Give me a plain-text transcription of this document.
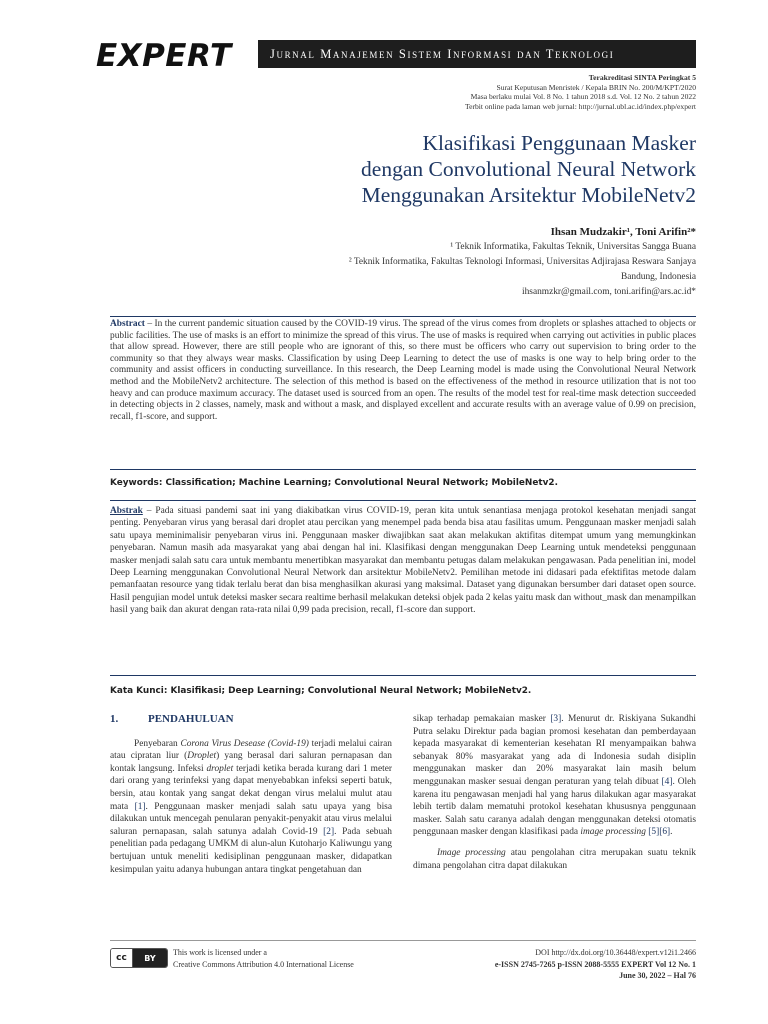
EXPERT	Jurnal Manajemen Sistem Informasi dan Teknologi
Terakreditasi SINTA Peringkat 5
Surat Keputusan Menristek / Kepala BRIN No. 200/M/KPT/2020
Masa berlaku mulai Vol. 8 No. 1 tahun 2018 s.d. Vol. 12 No. 2 tahun 2022
Terbit online pada laman web jurnal: http://jurnal.ubl.ac.id/index.php/expert
Klasifikasi Penggunaan Masker
dengan Convolutional Neural Network
Menggunakan Arsitektur MobileNetv2
Ihsan Mudzakir¹, Toni Arifin²*
¹ Teknik Informatika, Fakultas Teknik, Universitas Sangga Buana
² Teknik Informatika, Fakultas Teknologi Informasi, Universitas Adjirajasa Reswara Sanjaya
Bandung, Indonesia
ihsanmzkr@gmail.com, toni.arifin@ars.ac.id*
Abstract – In the current pandemic situation caused by the COVID-19 virus. The spread of the virus comes from droplets or splashes attached to objects or public facilities. The use of masks is an effort to minimize the spread of this virus. The use of masks is required when carrying out activities in public places that allow spread. However, there are still people who are ignorant of this, so there must be officers who carry out supervision to bring order to the community so that they always wear masks. Classification by using Deep Learning to detect the use of masks is one way to help bring order to the community and assist officers in conducting surveillance. In this research, the Deep Learning model is made using the Convolutional Neural Network method and the MobileNetv2 architecture. The selection of this method is based on the effectiveness of the method in resource utilization that is not too heavy and can produce maximum accuracy. The dataset used is sourced from an open. The results of the model test for real-time mask detection succeeded in detecting objects in 2 classes, namely, mask and without a mask, and displayed excellent and accurate results with an average value of 0.99 on precision, recall, f1-score, and support.
Keywords: Classification; Machine Learning; Convolutional Neural Network; MobileNetv2.
Abstrak – Pada situasi pandemi saat ini yang diakibatkan virus COVID-19, peran kita untuk senantiasa menjaga protokol kesehatan menjadi sangat penting. Penyebaran virus yang berasal dari droplet atau percikan yang menempel pada benda bisa atau fasilitas umum. Penggunaan masker menjadi salah satu upaya meminimalisir penyebaran virus ini. Penggunaan masker diwajibkan saat akan melakukan aktifitas ditempat umum yang memungkinkan penyebaran. Namun masih ada masyarakat yang abai dengan hal ini. Klasifikasi dengan menggunakan Deep Learning untuk mendeteksi penggunaan masker menjadi salah satu cara untuk membantu menertibkan masyarakat dan membantu petugas dalam melakukan pengawasan. Pada penelitian ini, model Deep Learning menggunakan Convolutional Neural Network dan arsitektur MobileNetv2. Pemilihan metode ini didasari pada efektifitas metode dalam pemanfaatan resource yang tidak terlalu berat dan bisa menghasilkan akurasi yang maksimal. Dataset yang digunakan bersumber dari dataset open source. Hasil pengujian model untuk deteksi masker secara realtime berhasil melakukan deteksi objek pada 2 kelas yaitu mask dan without_mask dan menampilkan hasil yang baik dan akurat dengan rata-rata nilai 0,99 pada precision, recall, f1-score dan support.
Kata Kunci: Klasifikasi; Deep Learning; Convolutional Neural Network; MobileNetv2.
1.	PENDAHULUAN

Penyebaran Corona Virus Desease (Covid-19) terjadi melalui cairan atau cipratan liur (Droplet) yang berasal dari saluran pernapasan dan kontak langsung. Infeksi droplet terjadi ketika berada kurang dari 1 meter dari orang yang terinfeksi yang dapat menyebabkan infeksi seperti batuk, bersin, atau kontak yang sangat dekat dengan virus melalui mulut atau mata [1]. Penggunaan masker menjadi salah satu upaya yang bisa dilakukan untuk mencegah penularan penyakit-penyakit atau virus melalui saluran pernapasan, salah satunya adalah Covid-19 [2]. Pada sebuah penelitian pada pedagang UMKM di alun-alun Kutoharjo Kaliwungu yang bertujuan untuk meneliti kedisiplinan penggunaan masker, didapatkan kesimpulan yaitu adanya hubungan antara tingkat pengetahuan dan

sikap terhadap pemakaian masker [3]. Menurut dr. Riskiyana Sukandhi Putra selaku Direktur pada bagian promosi kesehatan dan pemberdayaan kepada masyarakat di kementerian kesehatan RI menyampaikan bahwa sebanyak 80% masyarakat yang ada di Indonesia sudah disiplin menggunakan masker dan 20% masyarakat lain masih belum menggunakan masker sesuai dengan peraturan yang telah dibuat [4]. Oleh karena itu pengawasan menjadi hal yang harus dilakukan agar masyarakat lebih tertib dalam mematuhi protokol kesehatan khususnya penggunaan masker. Salah satu caranya adalah dengan menggunakan deteksi otomatis penggunaan masker dengan klasifikasi pada image processing [5][6].

Image processing atau pengolahan citra merupakan suatu teknik dimana pengolahan citra dapat dilakukan

cc	BY
This work is licensed under a
Creative Commons Attribution 4.0 International License
DOI http://dx.doi.org/10.36448/expert.v12i1.2466
e-ISSN 2745-7265 p-ISSN 2088-5555 EXPERT Vol 12 No. 1
June 30, 2022 – Hal 76
